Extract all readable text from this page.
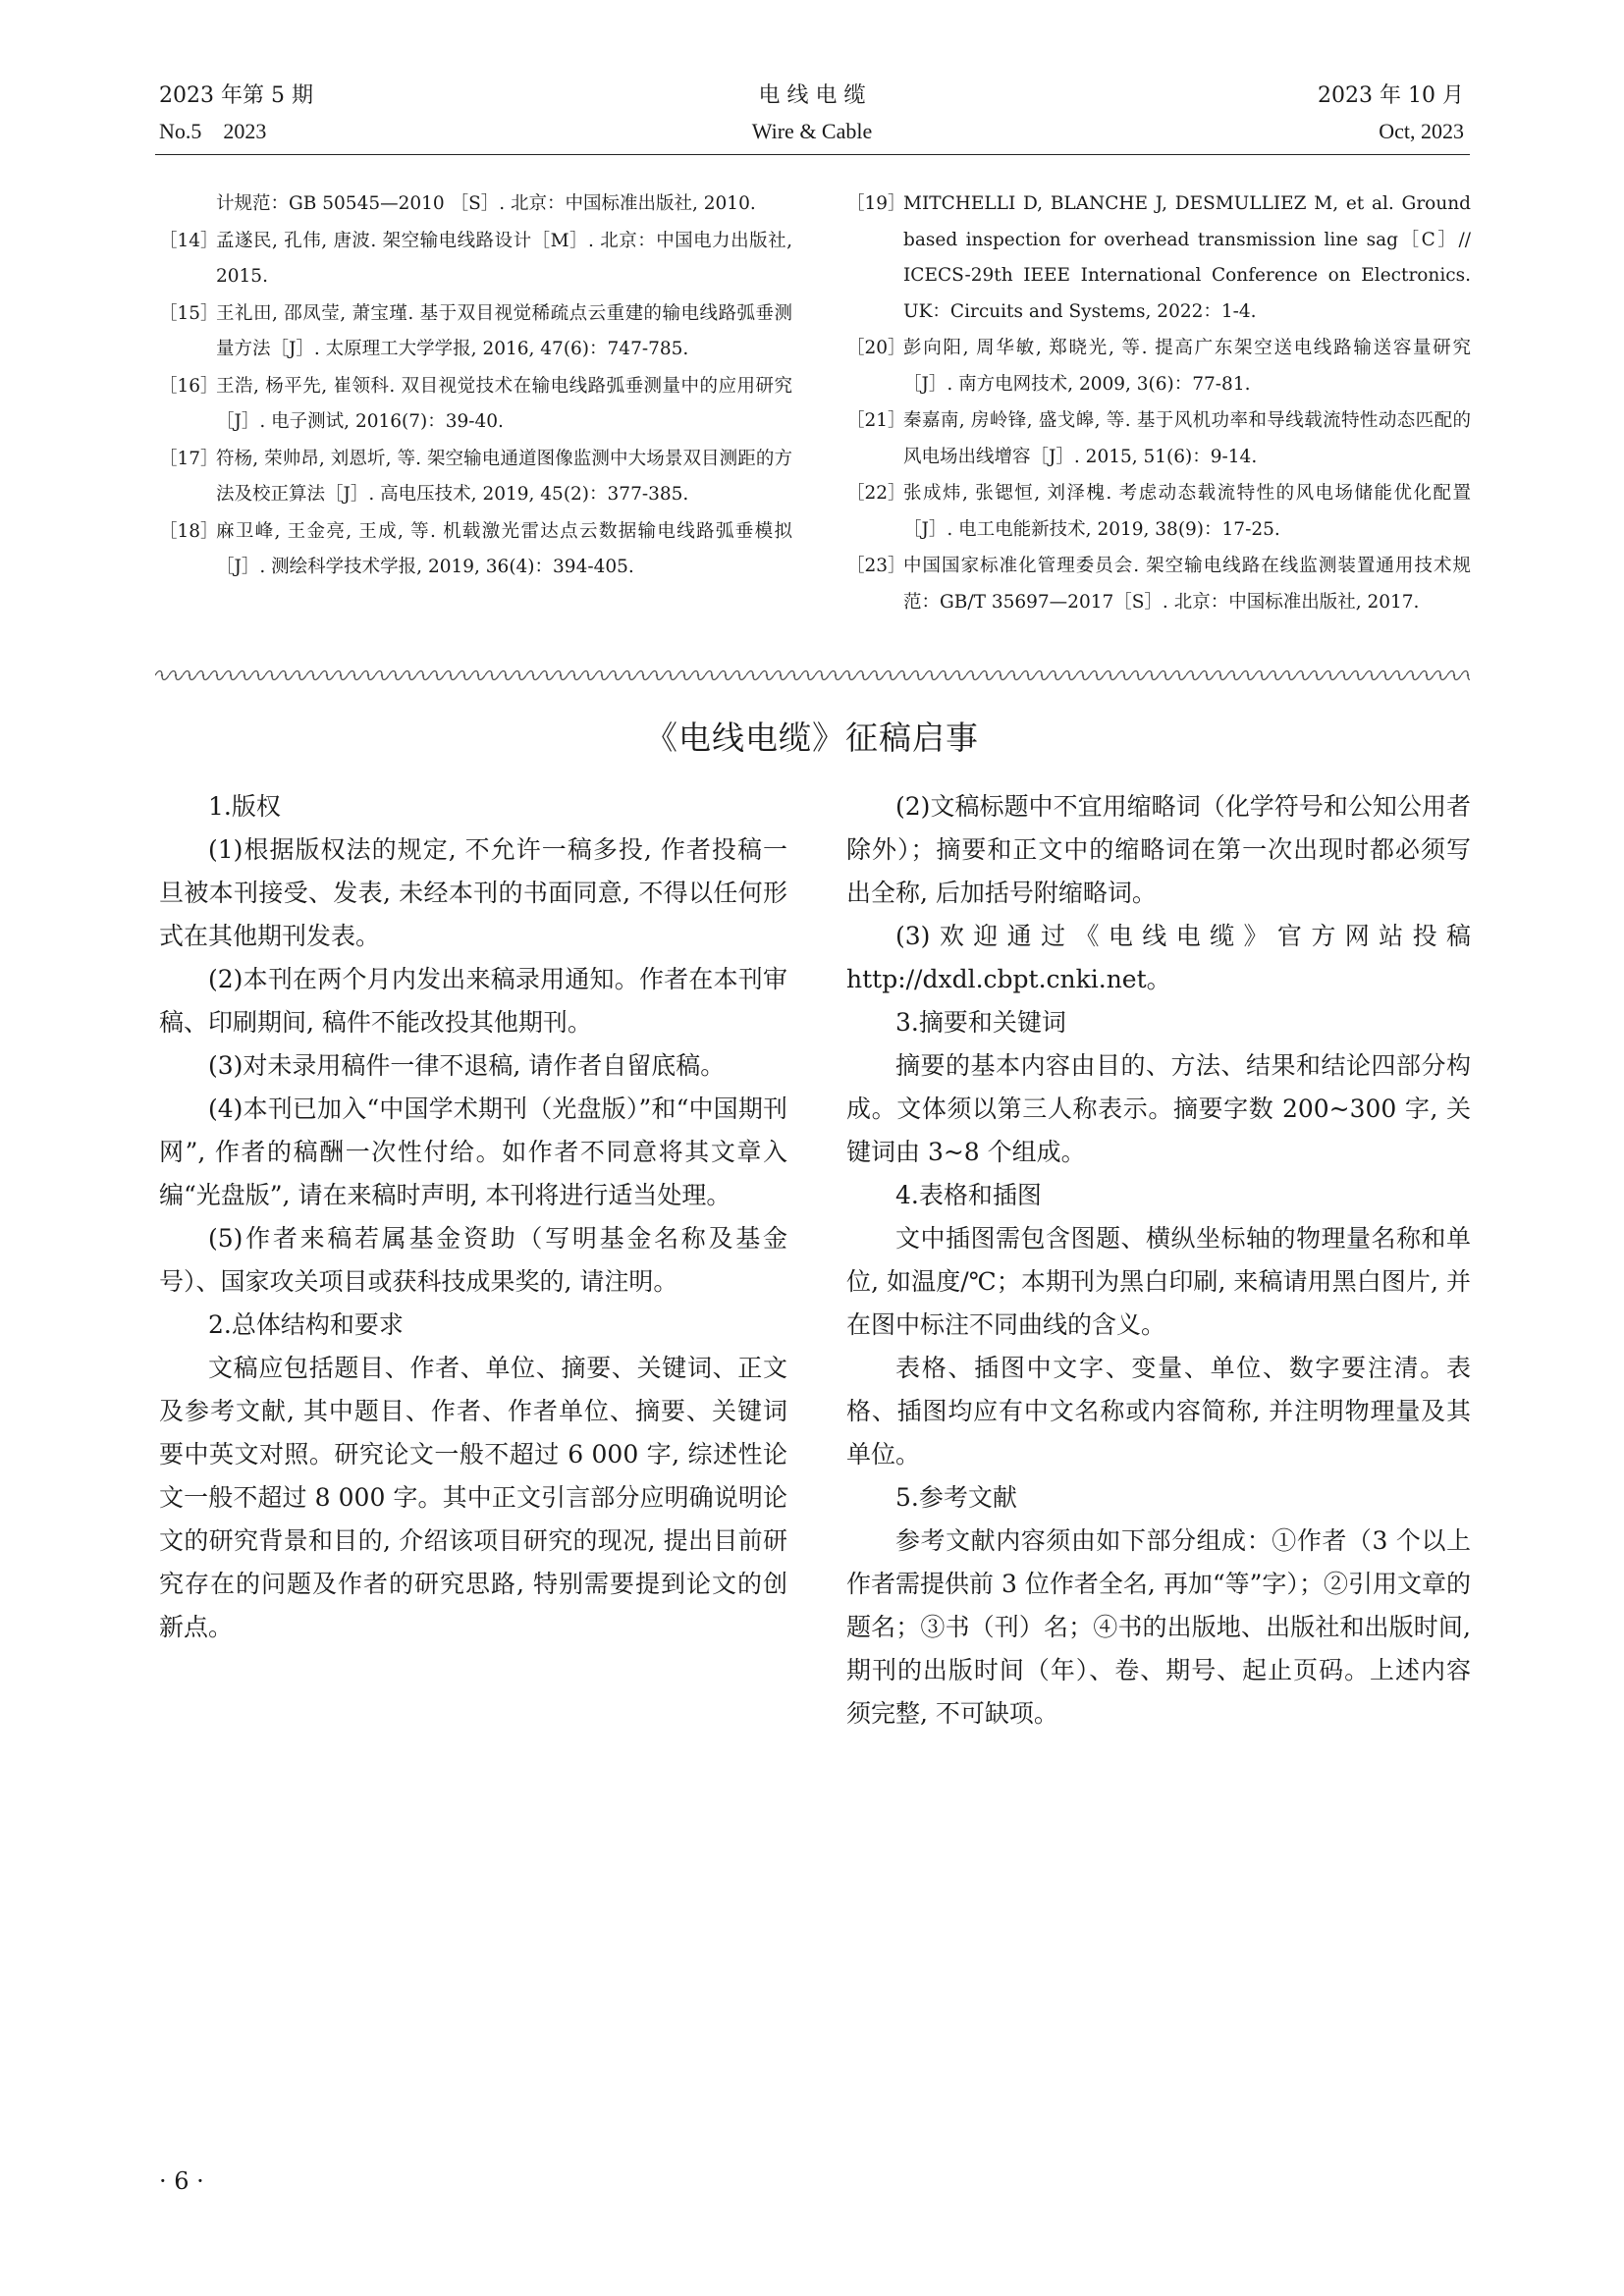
2023 年第 5 期
No.5　2023
电 线 电 缆
Wire & Cable
2023 年 10 月
Oct, 2023
计规范：GB 50545—2010 ［S］. 北京：中国标准出版社, 2010.
［14］
孟遂民, 孔伟, 唐波. 架空输电线路设计［M］. 北京：中国电力出版社, 2015.
［15］
王礼田, 邵凤莹, 萧宝瑾. 基于双目视觉稀疏点云重建的输电线路弧垂测量方法［J］. 太原理工大学学报, 2016, 47(6)：747-785.
［16］
王浩, 杨平先, 崔领科. 双目视觉技术在输电线路弧垂测量中的应用研究［J］. 电子测试, 2016(7)：39-40.
［17］
符杨, 荣帅昂, 刘恩圻, 等. 架空输电通道图像监测中大场景双目测距的方法及校正算法［J］. 高电压技术, 2019, 45(2)：377-385.
［18］
麻卫峰, 王金亮, 王成, 等. 机载激光雷达点云数据输电线路弧垂模拟［J］. 测绘科学技术学报, 2019, 36(4)：394-405.
［19］
MITCHELLI D, BLANCHE J, DESMULLIEZ M, et al. Ground based inspection for overhead transmission line sag［C］// ICECS-29th IEEE International Conference on Electronics. UK：Circuits and Systems, 2022：1-4.
［20］
彭向阳, 周华敏, 郑晓光, 等. 提高广东架空送电线路输送容量研究［J］. 南方电网技术, 2009, 3(6)：77-81.
［21］
秦嘉南, 房岭锋, 盛戈皞, 等. 基于风机功率和导线载流特性动态匹配的风电场出线增容［J］. 2015, 51(6)：9-14.
［22］
张成炜, 张锶恒, 刘泽槐. 考虑动态载流特性的风电场储能优化配置［J］. 电工电能新技术, 2019, 38(9)：17-25.
［23］
中国国家标准化管理委员会. 架空输电线路在线监测装置通用技术规范：GB/T 35697—2017［S］. 北京：中国标准出版社, 2017.
《电线电缆》征稿启事

1.版权

(1)根据版权法的规定, 不允许一稿多投, 作者投稿一旦被本刊接受、发表, 未经本刊的书面同意, 不得以任何形式在其他期刊发表。

(2)本刊在两个月内发出来稿录用通知。作者在本刊审稿、印刷期间, 稿件不能改投其他期刊。

(3)对未录用稿件一律不退稿, 请作者自留底稿。

(4)本刊已加入“中国学术期刊（光盘版）”和“中国期刊网”, 作者的稿酬一次性付给。如作者不同意将其文章入编“光盘版”, 请在来稿时声明, 本刊将进行适当处理。

(5)作者来稿若属基金资助（写明基金名称及基金号）、国家攻关项目或获科技成果奖的, 请注明。

2.总体结构和要求

文稿应包括题目、作者、单位、摘要、关键词、正文及参考文献, 其中题目、作者、作者单位、摘要、关键词要中英文对照。研究论文一般不超过 6 000 字, 综述性论文一般不超过 8 000 字。其中正文引言部分应明确说明论文的研究背景和目的, 介绍该项目研究的现况, 提出目前研究存在的问题及作者的研究思路, 特别需要提到论文的创新点。

(2)文稿标题中不宜用缩略词（化学符号和公知公用者除外）；摘要和正文中的缩略词在第一次出现时都必须写出全称, 后加括号附缩略词。

(3)欢迎通过《电线电缆》官方网站投稿 http://dxdl.cbpt.cnki.net。

3.摘要和关键词

摘要的基本内容由目的、方法、结果和结论四部分构成。文体须以第三人称表示。摘要字数 200~300 字, 关键词由 3~8 个组成。

4.表格和插图

文中插图需包含图题、横纵坐标轴的物理量名称和单位, 如温度/℃；本期刊为黑白印刷, 来稿请用黑白图片, 并在图中标注不同曲线的含义。

表格、插图中文字、变量、单位、数字要注清。表格、插图均应有中文名称或内容简称, 并注明物理量及其单位。

5.参考文献

参考文献内容须由如下部分组成：①作者（3 个以上作者需提供前 3 位作者全名, 再加“等”字）；②引用文章的题名；③书（刊）名；④书的出版地、出版社和出版时间, 期刊的出版时间（年）、卷、期号、起止页码。上述内容须完整, 不可缺项。

· 6 ·
